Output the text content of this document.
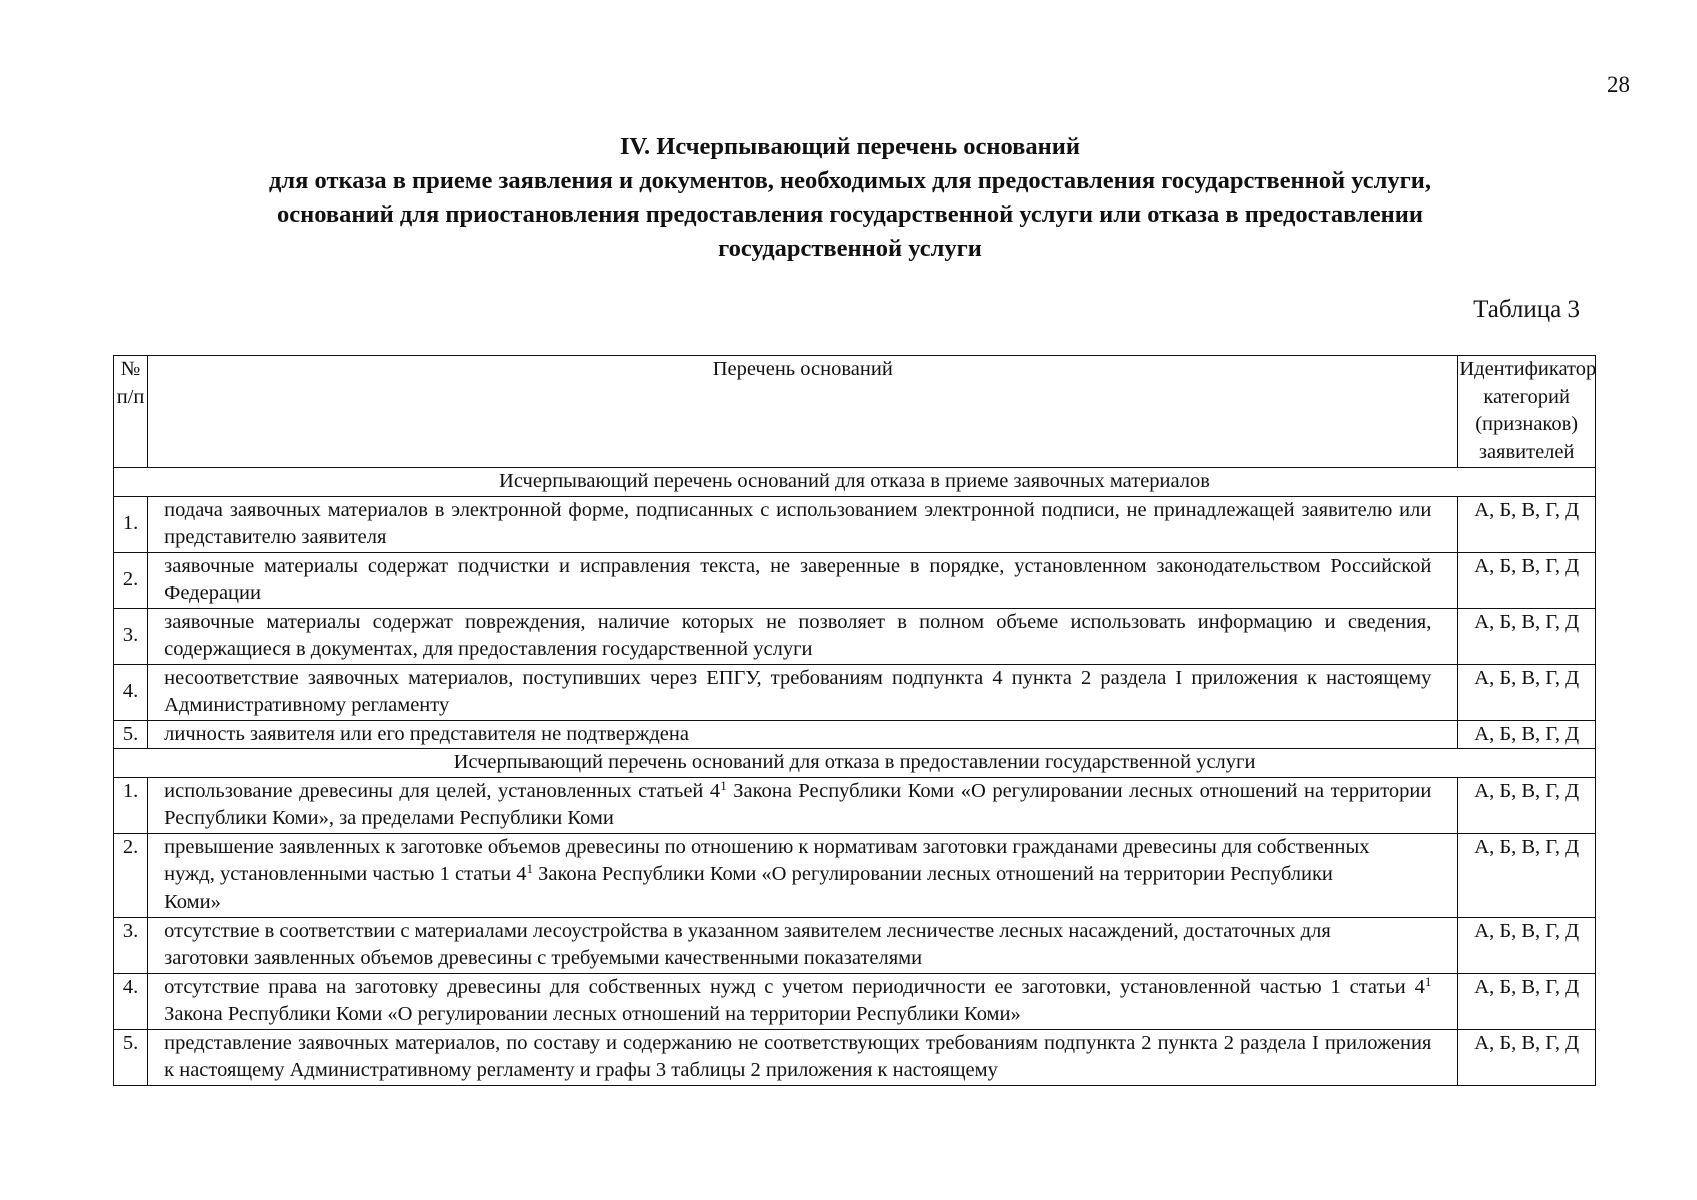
28
IV. Исчерпывающий перечень оснований
для отказа в приеме заявления и документов, необходимых для предоставления государственной услуги,
оснований для приостановления предоставления государственной услуги или отказа в предоставлении
государственной услуги
Таблица 3
№ п/п	Перечень оснований	Идентификатор категорий (признаков) заявителей
Исчерпывающий перечень оснований для отказа в приеме заявочных материалов		
1.	подача заявочных материалов в электронной форме, подписанных с использованием электронной подписи, не принадлежащей заявителю или представителю заявителя	А, Б, В, Г, Д
2.	заявочные материалы содержат подчистки и исправления текста, не заверенные в порядке, установленном законодательством Российской Федерации	А, Б, В, Г, Д
3.	заявочные материалы содержат повреждения, наличие которых не позволяет в полном объеме использовать информацию и сведения, содержащиеся в документах, для предоставления государственной услуги	А, Б, В, Г, Д
4.	несоответствие заявочных материалов, поступивших через ЕПГУ, требованиям подпункта 4 пункта 2 раздела I приложения к настоящему Административному регламенту	А, Б, В, Г, Д
5.	личность заявителя или его представителя не подтверждена	А, Б, В, Г, Д
Исчерпывающий перечень оснований для отказа в предоставлении государственной услуги		
1.	использование древесины для целей, установленных статьей $4^1$ Закона Республики Коми «О регулировании лесных отношений на территории Республики Коми», за пределами Республики Коми	А, Б, В, Г, Д
2.	превышение заявленных к заготовке объемов древесины по отношению к нормативам заготовки гражданами древесины для собственных нужд, установленными частью 1 статьи $4^1$ Закона Республики Коми «О регулировании лесных отношений на территории Республики Коми»	А, Б, В, Г, Д
3.	отсутствие в соответствии с материалами лесоустройства в указанном заявителем лесничестве лесных насаждений, достаточных для заготовки заявленных объемов древесины с требуемыми качественными показателями	А, Б, В, Г, Д
4.	отсутствие права на заготовку древесины для собственных нужд с учетом периодичности ее заготовки, установленной частью 1 статьи $4^1$ Закона Республики Коми «О регулировании лесных отношений на территории Республики Коми»	А, Б, В, Г, Д
5.	представление заявочных материалов, по составу и содержанию не соответствующих требованиям подпункта 2 пункта 2 раздела I приложения к настоящему Административному регламенту и графы 3 таблицы 2 приложения к настоящему	А, Б, В, Г, Д
